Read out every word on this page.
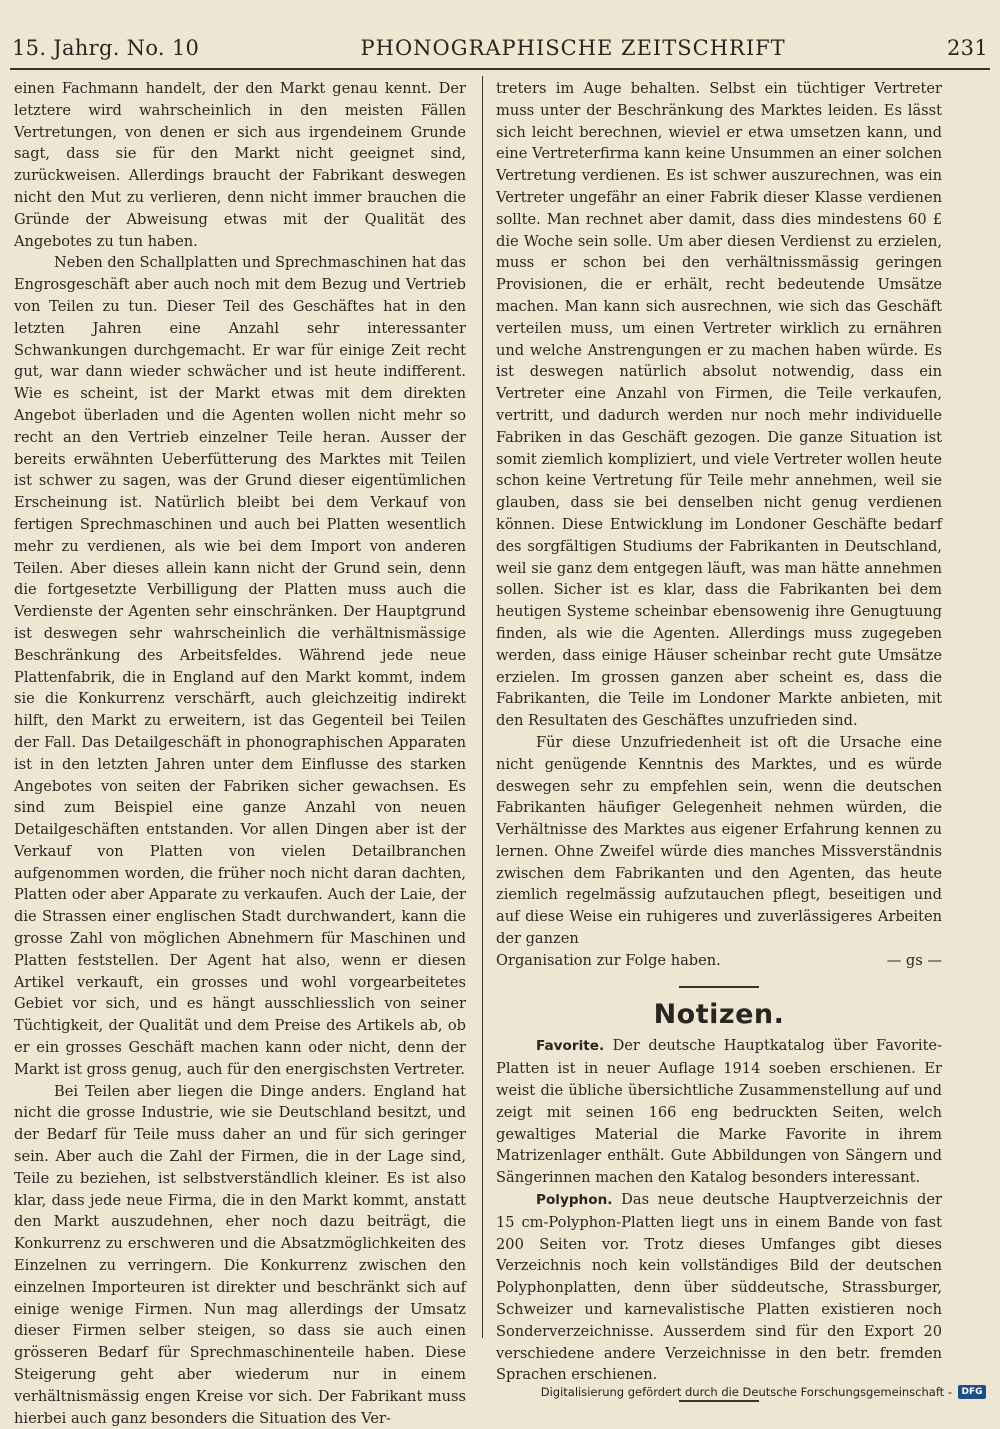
15. Jahrg. No. 10	PHONOGRAPHISCHE ZEITSCHRIFT	231

einen Fachmann handelt, der den Markt genau kennt. Der letztere wird wahrscheinlich in den meisten Fällen Vertretungen, von denen er sich aus irgendeinem Grunde sagt, dass sie für den Markt nicht geeignet sind, zurückweisen. Allerdings braucht der Fabrikant deswegen nicht den Mut zu verlieren, denn nicht immer brauchen die Gründe der Abweisung etwas mit der Qualität des Angebotes zu tun haben.

Neben den Schallplatten und Sprechmaschinen hat das Engrosgeschäft aber auch noch mit dem Bezug und Vertrieb von Teilen zu tun. Dieser Teil des Geschäftes hat in den letzten Jahren eine Anzahl sehr interessanter Schwankungen durchgemacht. Er war für einige Zeit recht gut, war dann wieder schwächer und ist heute indifferent. Wie es scheint, ist der Markt etwas mit dem direkten Angebot überladen und die Agenten wollen nicht mehr so recht an den Vertrieb einzelner Teile heran. Ausser der bereits erwähnten Ueberfütterung des Marktes mit Teilen ist schwer zu sagen, was der Grund dieser eigentümlichen Erscheinung ist. Natürlich bleibt bei dem Verkauf von fertigen Sprechmaschinen und auch bei Platten wesentlich mehr zu verdienen, als wie bei dem Import von anderen Teilen. Aber dieses allein kann nicht der Grund sein, denn die fortgesetzte Verbilligung der Platten muss auch die Verdienste der Agenten sehr einschränken. Der Hauptgrund ist deswegen sehr wahrscheinlich die verhältnismässige Beschränkung des Arbeitsfeldes. Während jede neue Plattenfabrik, die in England auf den Markt kommt, indem sie die Konkurrenz verschärft, auch gleichzeitig indirekt hilft, den Markt zu erweitern, ist das Gegenteil bei Teilen der Fall. Das Detailgeschäft in phonographischen Apparaten ist in den letzten Jahren unter dem Einflusse des starken Angebotes von seiten der Fabriken sicher gewachsen. Es sind zum Beispiel eine ganze Anzahl von neuen Detailgeschäften entstanden. Vor allen Dingen aber ist der Verkauf von Platten von vielen Detailbranchen aufgenommen worden, die früher noch nicht daran dachten, Platten oder aber Apparate zu verkaufen. Auch der Laie, der die Strassen einer englischen Stadt durchwandert, kann die grosse Zahl von möglichen Abnehmern für Maschinen und Platten feststellen. Der Agent hat also, wenn er diesen Artikel verkauft, ein grosses und wohl vorgearbeitetes Gebiet vor sich, und es hängt ausschliesslich von seiner Tüchtigkeit, der Qualität und dem Preise des Artikels ab, ob er ein grosses Geschäft machen kann oder nicht, denn der Markt ist gross genug, auch für den energischsten Vertreter.

Bei Teilen aber liegen die Dinge anders. England hat nicht die grosse Industrie, wie sie Deutschland besitzt, und der Bedarf für Teile muss daher an und für sich geringer sein. Aber auch die Zahl der Firmen, die in der Lage sind, Teile zu beziehen, ist selbstverständlich kleiner. Es ist also klar, dass jede neue Firma, die in den Markt kommt, anstatt den Markt auszudehnen, eher noch dazu beiträgt, die Konkurrenz zu erschweren und die Absatzmöglichkeiten des Einzelnen zu verringern. Die Konkurrenz zwischen den einzelnen Importeuren ist direkter und beschränkt sich auf einige wenige Firmen. Nun mag allerdings der Umsatz dieser Firmen selber steigen, so dass sie auch einen grösseren Bedarf für Sprechmaschinenteile haben. Diese Steigerung geht aber wiederum nur in einem verhältnismässig engen Kreise vor sich. Der Fabrikant muss hierbei auch ganz besonders die Situation des Ver-

treters im Auge behalten. Selbst ein tüchtiger Vertreter muss unter der Beschränkung des Marktes leiden. Es lässt sich leicht berechnen, wieviel er etwa umsetzen kann, und eine Vertreterfirma kann keine Unsummen an einer solchen Vertretung verdienen. Es ist schwer auszurechnen, was ein Vertreter ungefähr an einer Fabrik dieser Klasse verdienen sollte. Man rechnet aber damit, dass dies mindestens 60 £ die Woche sein solle. Um aber diesen Verdienst zu erzielen, muss er schon bei den verhältnissmässig geringen Provisionen, die er erhält, recht bedeutende Umsätze machen. Man kann sich ausrechnen, wie sich das Geschäft verteilen muss, um einen Vertreter wirklich zu ernähren und welche Anstrengungen er zu machen haben würde. Es ist deswegen natürlich absolut notwendig, dass ein Vertreter eine Anzahl von Firmen, die Teile verkaufen, vertritt, und dadurch werden nur noch mehr individuelle Fabriken in das Geschäft gezogen. Die ganze Situation ist somit ziemlich kompliziert, und viele Vertreter wollen heute schon keine Vertretung für Teile mehr annehmen, weil sie glauben, dass sie bei denselben nicht genug verdienen können. Diese Entwicklung im Londoner Geschäfte bedarf des sorgfältigen Studiums der Fabrikanten in Deutschland, weil sie ganz dem entgegen läuft, was man hätte annehmen sollen. Sicher ist es klar, dass die Fabrikanten bei dem heutigen Systeme scheinbar ebensowenig ihre Genugtuung finden, als wie die Agenten. Allerdings muss zugegeben werden, dass einige Häuser scheinbar recht gute Umsätze erzielen. Im grossen ganzen aber scheint es, dass die Fabrikanten, die Teile im Londoner Markte anbieten, mit den Resultaten des Geschäftes unzufrieden sind.

Für diese Unzufriedenheit ist oft die Ursache eine nicht genügende Kenntnis des Marktes, und es würde deswegen sehr zu empfehlen sein, wenn die deutschen Fabrikanten häufiger Gelegenheit nehmen würden, die Verhältnisse des Marktes aus eigener Erfahrung kennen zu lernen. Ohne Zweifel würde dies manches Missverständnis zwischen dem Fabrikanten und den Agenten, das heute ziemlich regelmässig aufzutauchen pflegt, beseitigen und auf diese Weise ein ruhigeres und zuverlässigeres Arbeiten der ganzen

Organisation zur Folge haben.	— gs —
Notizen.

Favorite. Der deutsche Hauptkatalog über Favorite-Platten ist in neuer Auflage 1914 soeben erschienen. Er weist die übliche übersichtliche Zusammenstellung auf und zeigt mit seinen 166 eng bedruckten Seiten, welch gewaltiges Material die Marke Favorite in ihrem Matrizenlager enthält. Gute Abbildungen von Sängern und Sängerinnen machen den Katalog besonders interessant.

Polyphon. Das neue deutsche Hauptverzeichnis der 15 cm-Polyphon-Platten liegt uns in einem Bande von fast 200 Seiten vor. Trotz dieses Umfanges gibt dieses Verzeichnis noch kein vollständiges Bild der deutschen Polyphonplatten, denn über süddeutsche, Strassburger, Schweizer und karnevalistische Platten existieren noch Sonderverzeichnisse. Ausserdem sind für den Export 20 verschiedene andere Verzeichnisse in den betr. fremden Sprachen erschienen.

Digitalisierung gefördert durch die Deutsche Forschungsgemeinschaft -	DFG
